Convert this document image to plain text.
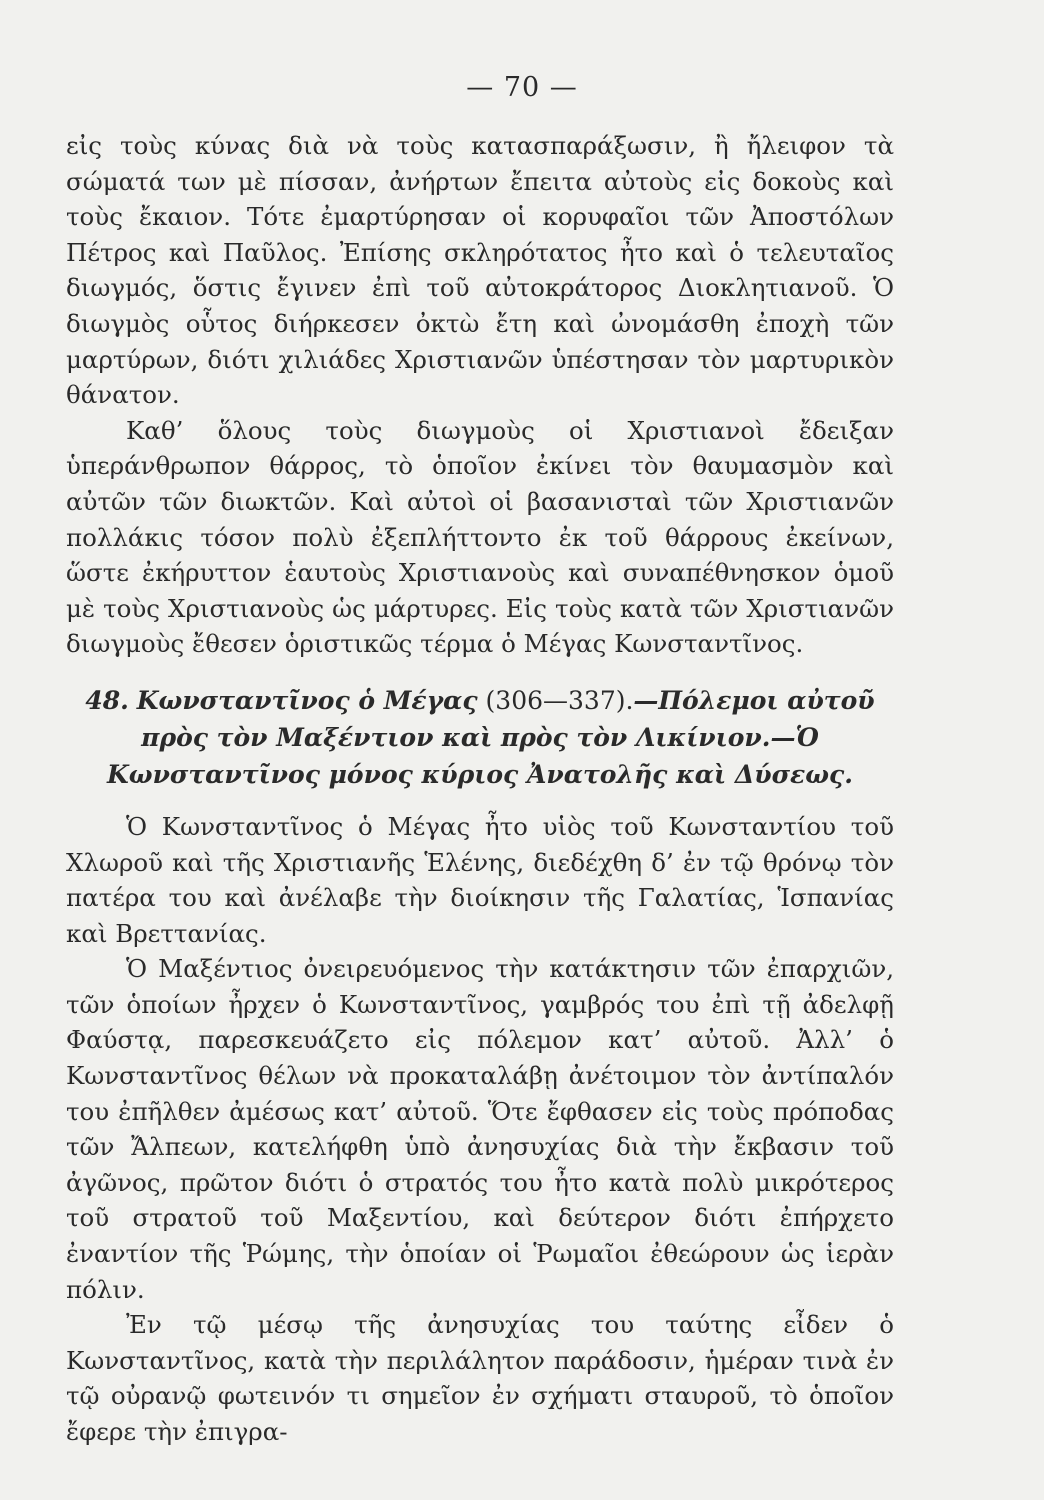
— 70 —

εἰς τοὺς κύνας διὰ νὰ τοὺς κατασπαράξωσιν, ἢ ἤλειφον τὰ σώματά των μὲ πίσσαν, ἀνήρτων ἔπειτα αὐτοὺς εἰς δοκοὺς καὶ τοὺς ἔκαιον. Τότε ἐμαρτύρησαν οἱ κορυφαῖοι τῶν Ἀποστόλων Πέτρος καὶ Παῦλος. Ἐπίσης σκληρότατος ἦτο καὶ ὁ τελευταῖος διωγμός, ὅστις ἔγινεν ἐπὶ τοῦ αὐτοκράτορος Διοκλητιανοῦ. Ὁ διωγμὸς οὗτος διήρκεσεν ὀκτὼ ἔτη καὶ ὠνομάσθη ἐποχὴ τῶν μαρτύρων, διότι χιλιάδες Χριστιανῶν ὑπέστησαν τὸν μαρτυρικὸν θάνατον.

Καθ’ ὅλους τοὺς διωγμοὺς οἱ Χριστιανοὶ ἔδειξαν ὑπεράνθρωπον θάρρος, τὸ ὁποῖον ἐκίνει τὸν θαυμασμὸν καὶ αὐτῶν τῶν διωκτῶν. Καὶ αὐτοὶ οἱ βασανισταὶ τῶν Χριστιανῶν πολλάκις τόσον πολὺ ἐξεπλήττοντο ἐκ τοῦ θάρρους ἐκείνων, ὥστε ἐκήρυττον ἑαυτοὺς Χριστιανοὺς καὶ συναπέθνησκον ὁμοῦ μὲ τοὺς Χριστιανοὺς ὡς μάρτυρες. Εἰς τοὺς κατὰ τῶν Χριστιανῶν διωγμοὺς ἔθεσεν ὁριστικῶς τέρμα ὁ Μέγας Κωνσταντῖνος.

48. Κωνσταντῖνος ὁ Μέγας (306—337).—Πόλεμοι αὐτοῦ πρὸς τὸν Μαξέντιον καὶ πρὸς τὸν Λικίνιον.—Ὁ Κωνσταντῖνος μόνος κύριος Ἀνατολῆς καὶ Δύσεως.

Ὁ Κωνσταντῖνος ὁ Μέγας ἦτο υἱὸς τοῦ Κωνσταντίου τοῦ Χλωροῦ καὶ τῆς Χριστιανῆς Ἑλένης, διεδέχθη δ’ ἐν τῷ θρόνῳ τὸν πατέρα του καὶ ἀνέλαβε τὴν διοίκησιν τῆς Γαλατίας, Ἱσπανίας καὶ Βρεττανίας.

Ὁ Μαξέντιος ὀνειρευόμενος τὴν κατάκτησιν τῶν ἐπαρχιῶν, τῶν ὁποίων ἦρχεν ὁ Κωνσταντῖνος, γαμβρός του ἐπὶ τῇ ἀδελφῇ Φαύστᾳ, παρεσκευάζετο εἰς πόλεμον κατ’ αὐτοῦ. Ἀλλ’ ὁ Κωνσταντῖνος θέλων νὰ προκαταλάβῃ ἀνέτοιμον τὸν ἀντίπαλόν του ἐπῆλθεν ἀμέσως κατ’ αὐτοῦ. Ὅτε ἔφθασεν εἰς τοὺς πρόποδας τῶν Ἄλπεων, κατελήφθη ὑπὸ ἀνησυχίας διὰ τὴν ἔκβασιν τοῦ ἀγῶνος, πρῶτον διότι ὁ στρατός του ἦτο κατὰ πολὺ μικρότερος τοῦ στρατοῦ τοῦ Μαξεντίου, καὶ δεύτερον διότι ἐπήρχετο ἐναντίον τῆς Ῥώμης, τὴν ὁποίαν οἱ Ῥωμαῖοι ἐθεώρουν ὡς ἱερὰν πόλιν.

Ἐν τῷ μέσῳ τῆς ἀνησυχίας του ταύτης εἶδεν ὁ Κωνσταντῖνος, κατὰ τὴν περιλάλητον παράδοσιν, ἡμέραν τινὰ ἐν τῷ οὐρανῷ φωτεινόν τι σημεῖον ἐν σχήματι σταυροῦ, τὸ ὁποῖον ἔφερε τὴν ἐπιγρα-
